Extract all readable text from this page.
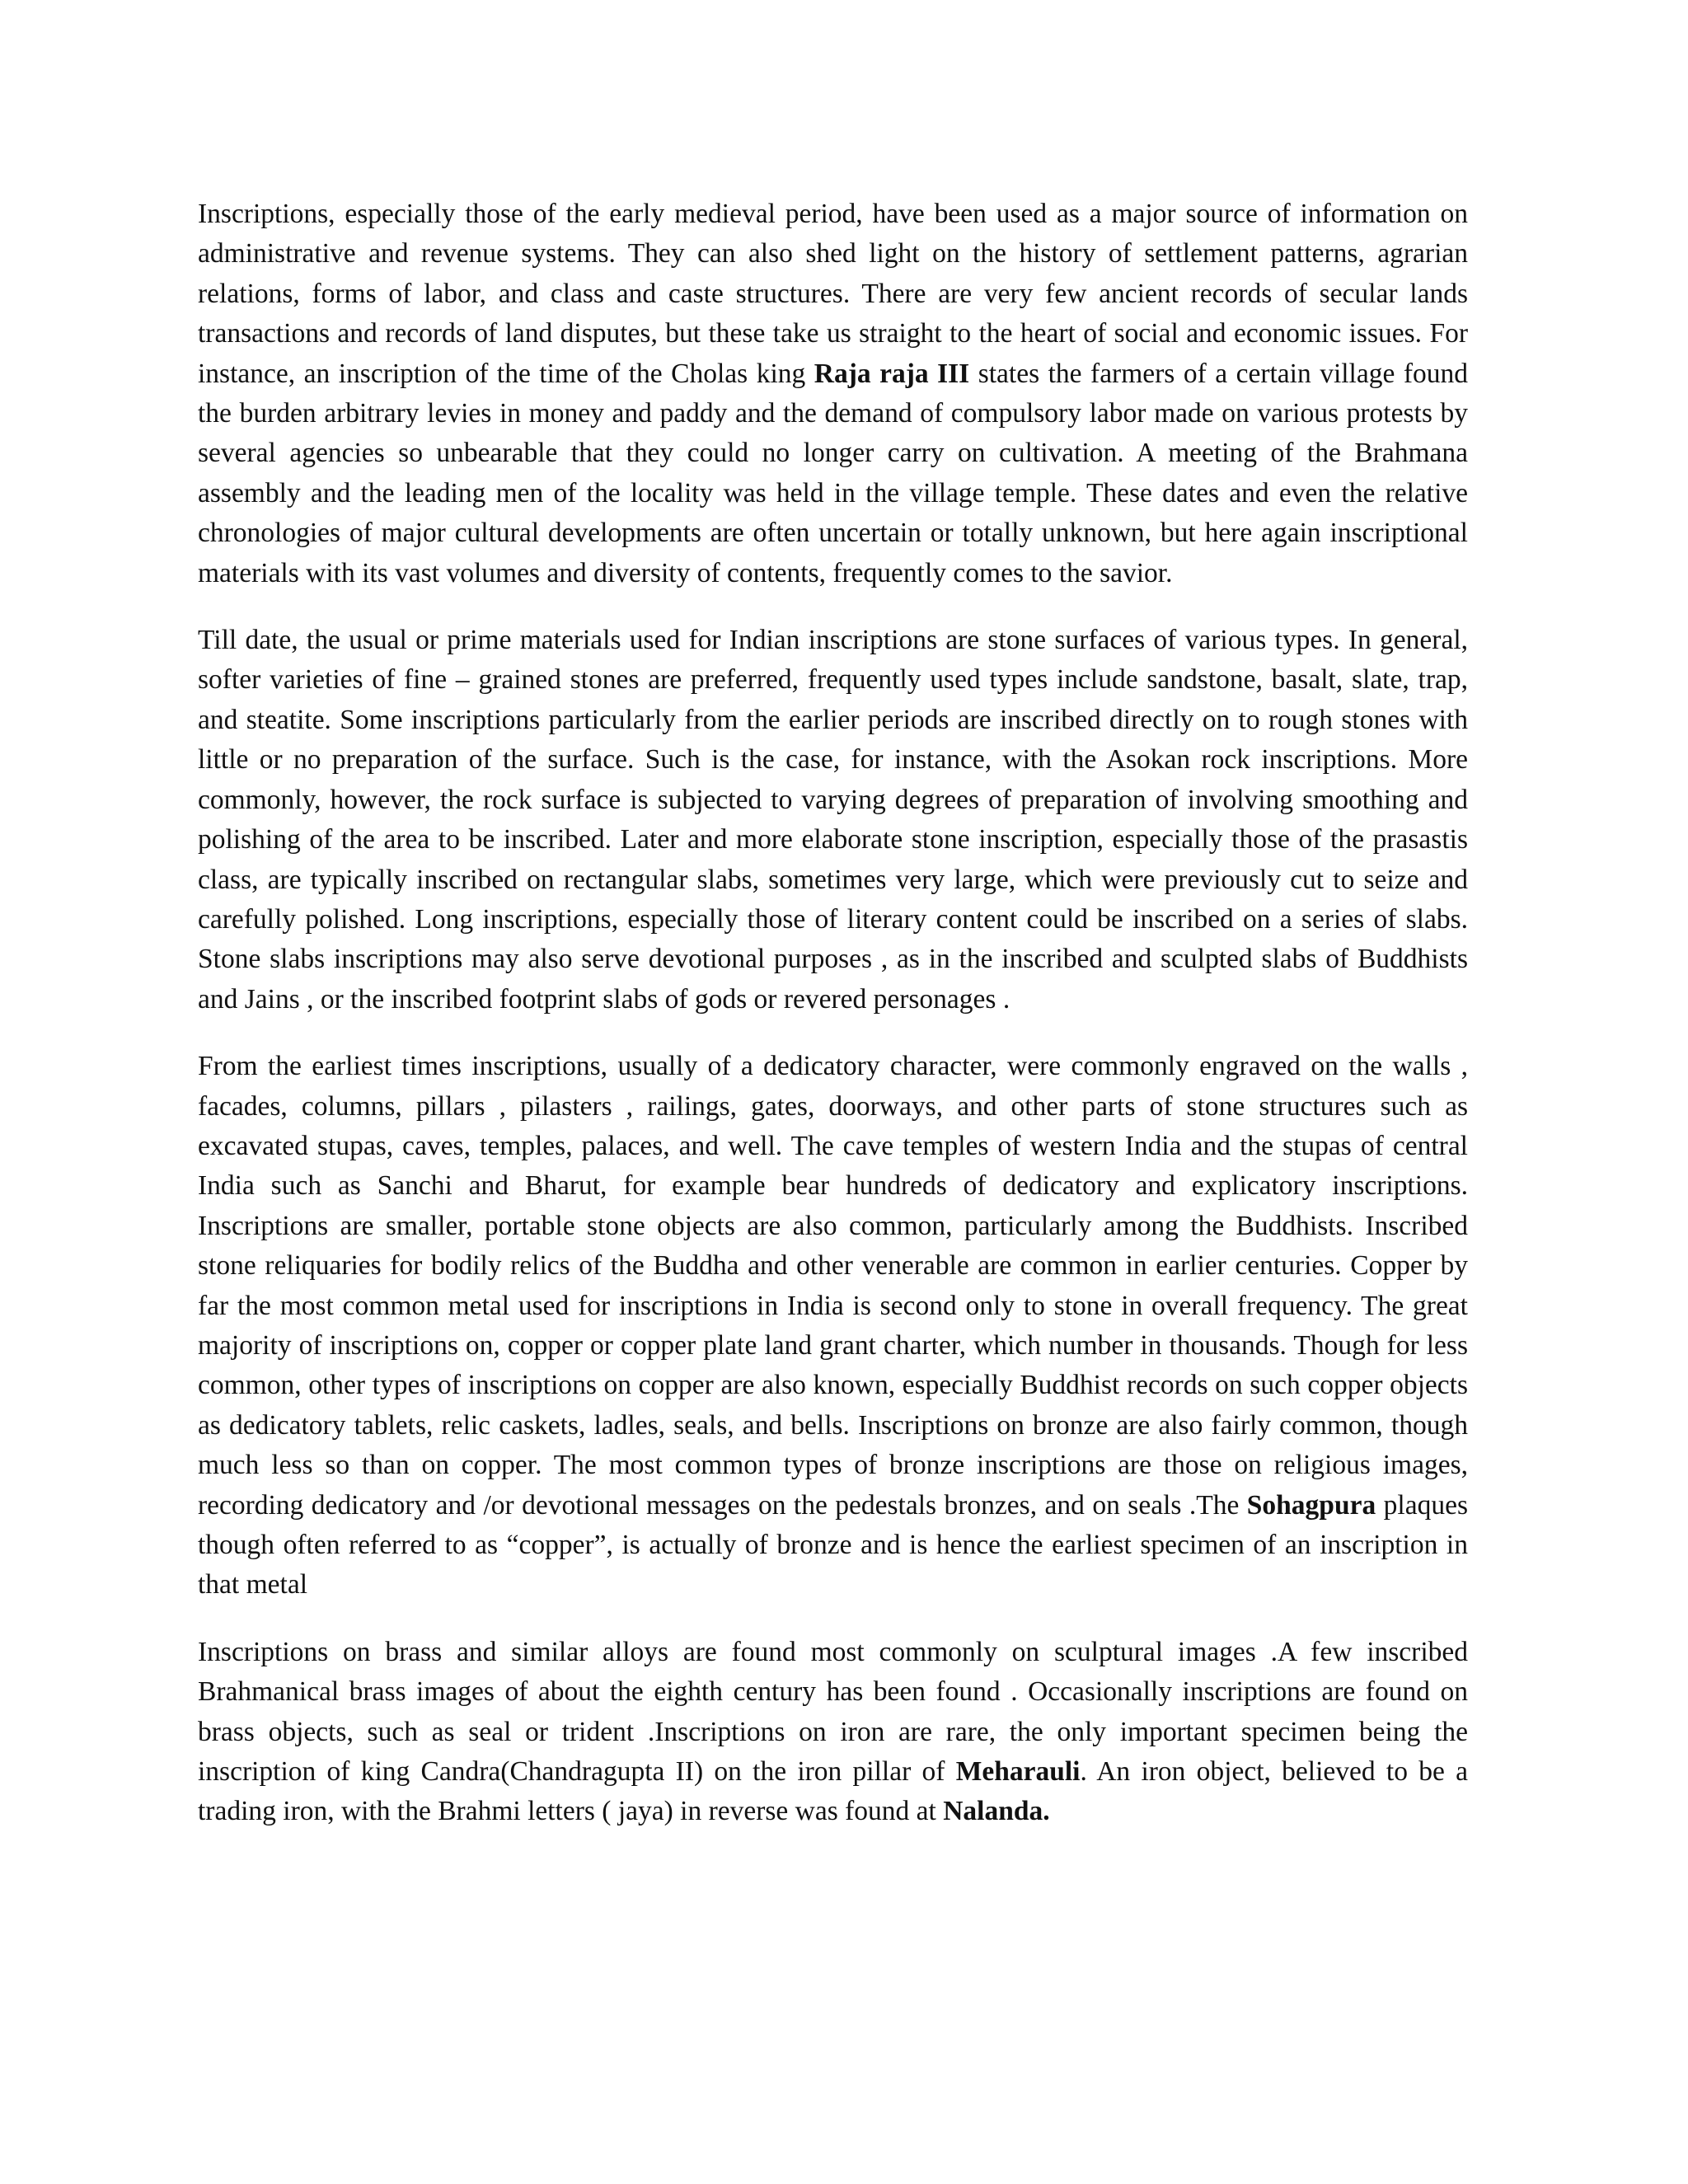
Inscriptions, especially those of the early medieval period, have been used as a major source of information on administrative and revenue systems. They can also shed light on the history of settlement patterns, agrarian relations, forms of labor, and class and caste structures. There are very few ancient records of secular lands transactions and records of land disputes, but these take us straight to the heart of social and economic issues. For instance, an inscription of the time of the Cholas king Raja raja III states the farmers of a certain village found the burden arbitrary levies in money and paddy and the demand of compulsory labor made on various protests by several agencies so unbearable that they could no longer carry on cultivation. A meeting of the Brahmana assembly and the leading men of the locality was held in the village temple. These dates and even the relative chronologies of major cultural developments are often uncertain or totally unknown, but here again inscriptional materials with its vast volumes and diversity of contents, frequently comes to the savior.

Till date, the usual or prime materials used for Indian inscriptions are stone surfaces of various types. In general, softer varieties of fine – grained stones are preferred, frequently used types include sandstone, basalt, slate, trap, and steatite. Some inscriptions particularly from the earlier periods are inscribed directly on to rough stones with little or no preparation of the surface. Such is the case, for instance, with the Asokan rock inscriptions. More commonly, however, the rock surface is subjected to varying degrees of preparation of involving smoothing and polishing of the area to be inscribed. Later and more elaborate stone inscription, especially those of the prasastis class, are typically inscribed on rectangular slabs, sometimes very large, which were previously cut to seize and carefully polished. Long inscriptions, especially those of literary content could be inscribed on a series of slabs. Stone slabs inscriptions may also serve devotional purposes , as in the inscribed and sculpted slabs of Buddhists and Jains , or the inscribed footprint slabs of gods or revered personages .

From the earliest times inscriptions, usually of a dedicatory character, were commonly engraved on the walls , facades, columns, pillars , pilasters , railings, gates, doorways, and other parts of stone structures such as excavated stupas, caves, temples, palaces, and well. The cave temples of western India and the stupas of central India such as Sanchi and Bharut, for example bear hundreds of dedicatory and explicatory inscriptions. Inscriptions are smaller, portable stone objects are also common, particularly among the Buddhists. Inscribed stone reliquaries for bodily relics of the Buddha and other venerable are common in earlier centuries. Copper by far the most common metal used for inscriptions in India is second only to stone in overall frequency. The great majority of inscriptions on, copper or copper plate land grant charter, which number in thousands. Though for less common, other types of inscriptions on copper are also known, especially Buddhist records on such copper objects as dedicatory tablets, relic caskets, ladles, seals, and bells. Inscriptions on bronze are also fairly common, though much less so than on copper. The most common types of bronze inscriptions are those on religious images, recording dedicatory and /or devotional messages on the pedestals bronzes, and on seals .The Sohagpura plaques though often referred to as “copper”, is actually of bronze and is hence the earliest specimen of an inscription in that metal

Inscriptions on brass and similar alloys are found most commonly on sculptural images .A few inscribed Brahmanical brass images of about the eighth century has been found . Occasionally inscriptions are found on brass objects, such as seal or trident .Inscriptions on iron are rare, the only important specimen being the inscription of king Candra(Chandragupta II) on the iron pillar of Meharauli. An iron object, believed to be a trading iron, with the Brahmi letters ( jaya) in reverse was found at Nalanda.
